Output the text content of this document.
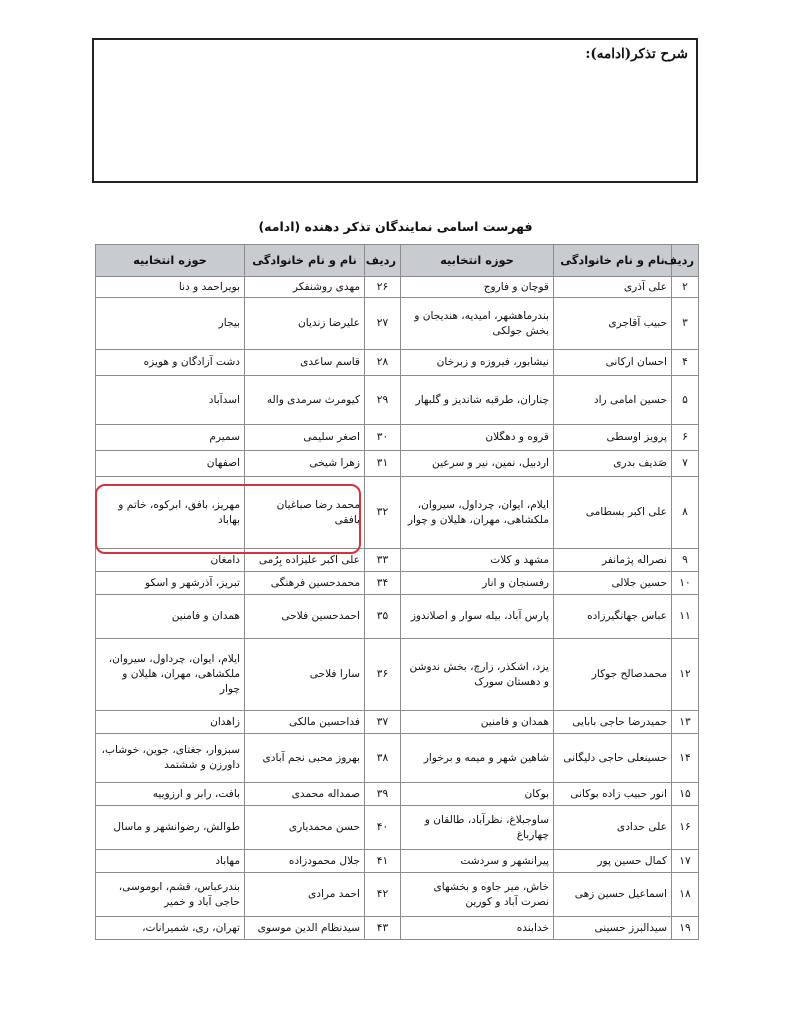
شرح تذکر(ادامه):
فهرست اسامی نمایندگان تذکر دهنده (ادامه)
ردیف	نام و نام خانوادگی	حوزه انتخابیه	ردیف	نام و نام خانوادگی	حوزه انتخابیه
۲	علی آذری	قوچان و فاروج	۲۶	مهدی روشنفکر	بویراحمد و دنا
۳	حبیب آقاجری	بندرماهشهر، امیدیه، هندیجان و بخش جولکی	۲۷	علیرضا زندیان	بیجار
۴	احسان ارکانی	نیشابور، فیروزه و زبرخان	۲۸	قاسم ساعدی	دشت آزادگان و هویزه
۵	حسین امامی راد	چناران، طرقبه شاندیز و گلبهار	۲۹	کیومرث سرمدی واله	اسدآباد
۶	پرویز اوسطی	قروه و دهگلان	۳۰	اصغر سلیمی	سمیرم
۷	صَدیف بدری	اردبیل، نمین، نیر و سرعین	۳۱	زهرا شیخی	اصفهان
۸	علی اکبر بسطامی	ایلام، ایوان، چرداول، سیروان، ملکشاهی، مهران، هلیلان و چوار	۳۲	محمد رضا صباغیان بافقی	مهریز، بافق، ابرکوه، خاتم و بهاباد
۹	نصراله پژمانفر	مشهد و کلات	۳۳	علی اکبر علیزاده بِرُمی	دامغان
۱۰	حسین جلالی	رفسنجان و انار	۳۴	محمدحسین فرهنگی	تبریز، آذرشهر و اسکو
۱۱	عباس جهانگیرزاده	پارس آباد، بیله سوار و اصلاندوز	۳۵	احمدحسین فلاحی	همدان و فامنین
۱۲	محمدصالح جوکار	یزد، اشکذر، زارچ، بخش ندوشن و دهستان سورک	۳۶	سارا فلاحی	ایلام، ایوان، چرداول، سیروان، ملکشاهی، مهران، هلیلان و چوار
۱۳	حمیدرضا حاجی بابایی	همدان و فامنین	۳۷	فداحسین مالکی	زاهدان
۱۴	حسینعلی حاجی دلیگانی	شاهین شهر و میمه و برخوار	۳۸	بهروز محبی نجم آبادی	سبزوار، جغتای، جوین، خوشاب، داورزن و ششتمد
۱۵	انور حبیب زاده بوکانی	بوکان	۳۹	صمداله محمدی	بافت، رابر و ارزوییه
۱۶	علی حدادی	ساوجبلاغ، نظرآباد، طالقان و چهارباغ	۴۰	حسن محمدیاری	طوالش، رضوانشهر و ماسال
۱۷	کمال حسین پور	پیرانشهر و سردشت	۴۱	جلال محمودزاده	مهاباد
۱۸	اسماعیل حسین زهی	خاش، میر جاوه و بخشهای نصرت آباد و کورین	۴۲	احمد مرادی	بندرعباس، قشم، ابوموسی، حاجی آباد و خمیر
۱۹	سیدالبرز حسینی	خدابنده	۴۳	سیدنظام الدین موسوی	تهران، ری، شمیرانات،
